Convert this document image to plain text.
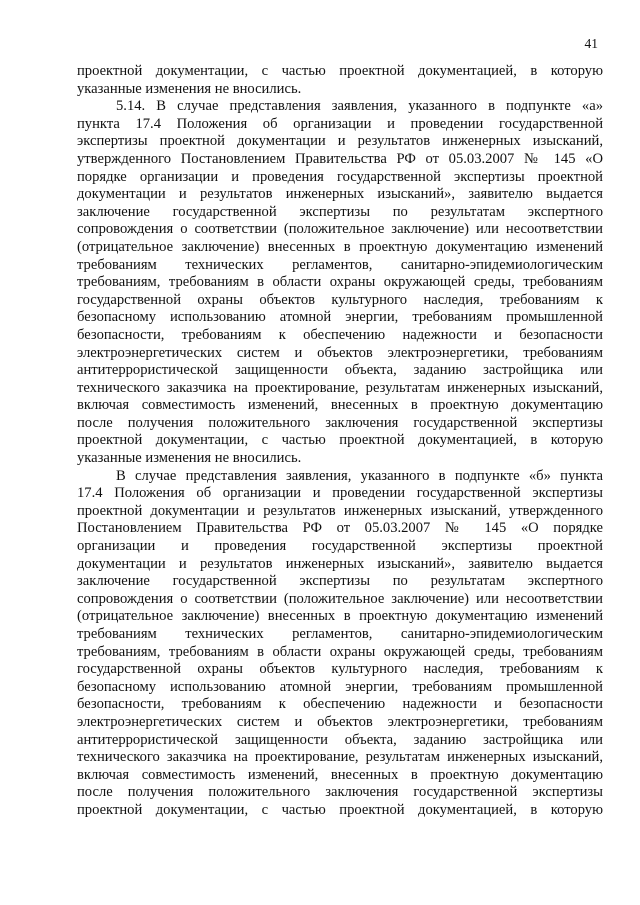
41
проектной документации, с частью проектной документацией, в которую
указанные изменения не вносились.
5.14. В случае представления заявления, указанного в подпункте «а»
пункта 17.4 Положения об организации и проведении государственной
экспертизы проектной документации и результатов инженерных изысканий,
утвержденного Постановлением Правительства РФ от 05.03.2007 № 145 «О
порядке организации и проведения государственной экспертизы проектной
документации и результатов инженерных изысканий», заявителю выдается
заключение государственной экспертизы по результатам экспертного
сопровождения о соответствии (положительное заключение) или несоответствии
(отрицательное заключение) внесенных в проектную документацию изменений
требованиям технических регламентов, санитарно-эпидемиологическим
требованиям, требованиям в области охраны окружающей среды, требованиям
государственной охраны объектов культурного наследия, требованиям к
безопасному использованию атомной энергии, требованиям промышленной
безопасности, требованиям к обеспечению надежности и безопасности
электроэнергетических систем и объектов электроэнергетики, требованиям
антитеррористической защищенности объекта, заданию застройщика или
технического заказчика на проектирование, результатам инженерных изысканий,
включая совместимость изменений, внесенных в проектную документацию
после получения положительного заключения государственной экспертизы
проектной документации, с частью проектной документацией, в которую
указанные изменения не вносились.
В случае представления заявления, указанного в подпункте «б» пункта
17.4 Положения об организации и проведении государственной экспертизы
проектной документации и результатов инженерных изысканий, утвержденного
Постановлением Правительства РФ от 05.03.2007 № 145 «О порядке
организации и проведения государственной экспертизы проектной
документации и результатов инженерных изысканий», заявителю выдается
заключение государственной экспертизы по результатам экспертного
сопровождения о соответствии (положительное заключение) или несоответствии
(отрицательное заключение) внесенных в проектную документацию изменений
требованиям технических регламентов, санитарно-эпидемиологическим
требованиям, требованиям в области охраны окружающей среды, требованиям
государственной охраны объектов культурного наследия, требованиям к
безопасному использованию атомной энергии, требованиям промышленной
безопасности, требованиям к обеспечению надежности и безопасности
электроэнергетических систем и объектов электроэнергетики, требованиям
антитеррористической защищенности объекта, заданию застройщика или
технического заказчика на проектирование, результатам инженерных изысканий,
включая совместимость изменений, внесенных в проектную документацию
после получения положительного заключения государственной экспертизы
проектной документации, с частью проектной документацией, в которую
